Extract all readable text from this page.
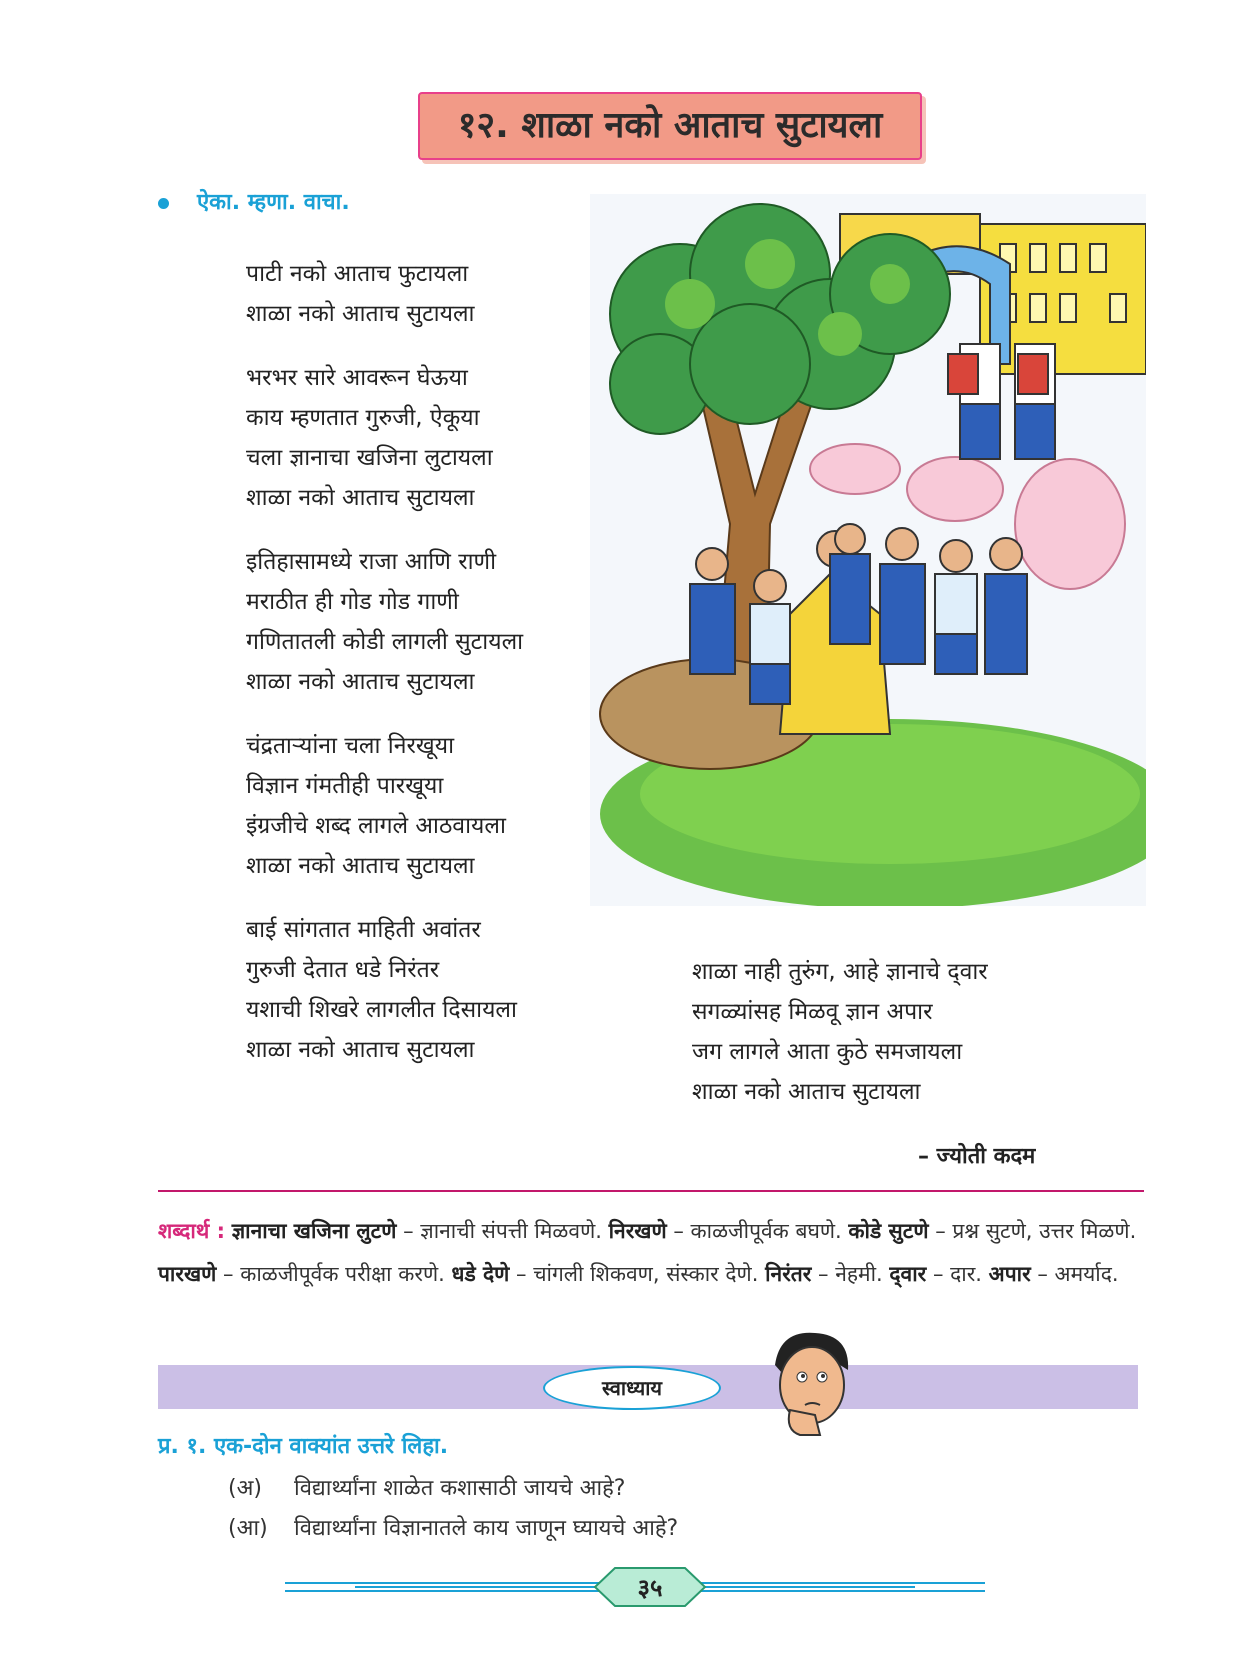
१२. शाळा नको आताच सुटायला
ऐका. म्हणा. वाचा.
पाटी नको आताच फुटायला
शाळा नको आताच सुटायला
भरभर सारे आवरून घेऊया
काय म्हणतात गुरुजी, ऐकूया
चला ज्ञानाचा खजिना लुटायला
शाळा नको आताच सुटायला
इतिहासामध्ये राजा आणि राणी
मराठीत ही गोड गोड गाणी
गणितातली कोडी लागली सुटायला
शाळा नको आताच सुटायला
चंद्रताऱ्यांना चला निरखूया
विज्ञान गंमतीही पारखूया
इंग्रजीचे शब्द लागले आठवायला
शाळा नको आताच सुटायला
बाई सांगतात माहिती अवांतर
गुरुजी देतात धडे निरंतर
यशाची शिखरे लागलीत दिसायला
शाळा नको आताच सुटायला
शाळा नाही तुरुंग, आहे ज्ञानाचे द्‌वार
सगळ्यांसह मिळवू ज्ञान अपार
जग लागले आता कुठे समजायला
शाळा नको आताच सुटायला
– ज्योती कदम
शब्दार्थ : ज्ञानाचा खजिना लुटणे – ज्ञानाची संपत्ती मिळवणे. निरखणे – काळजीपूर्वक बघणे. कोडे सुटणे – प्रश्न सुटणे, उत्तर मिळणे. पारखणे – काळजीपूर्वक परीक्षा करणे. धडे देणे – चांगली शिकवण, संस्कार देणे. निरंतर – नेहमी. द्‌वार – दार. अपार – अमर्याद.
स्वाध्याय
प्र. १. एक-दोन वाक्यांत उत्तरे लिहा.
(अ) विद्यार्थ्यांना शाळेत कशासाठी जायचे आहे?
(आ) विद्यार्थ्यांना विज्ञानातले काय जाणून घ्यायचे आहे?
३५
